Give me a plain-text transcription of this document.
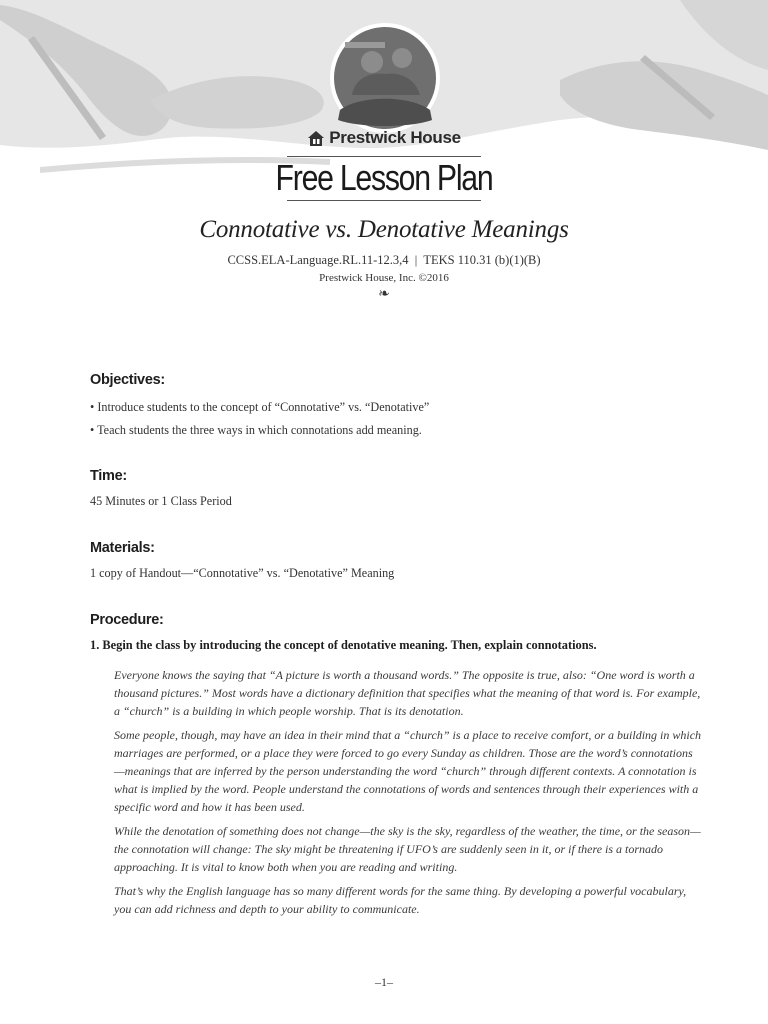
Prestwick House
Free Lesson Plan
Connotative vs. Denotative Meanings
CCSS.ELA-Language.RL.11-12.3,4  |  TEKS 110.31 (b)(1)(B)
Prestwick House, Inc. ©2016
❧
Objectives:
• Introduce students to the concept of “Connotative” vs. “Denotative”
• Teach students the three ways in which connotations add meaning.
Time:
45 Minutes or 1 Class Period
Materials:
1 copy of Handout—“Connotative” vs. “Denotative” Meaning
Procedure:
1. Begin the class by introducing the concept of denotative meaning. Then, explain connotations.
Everyone knows the saying that “A picture is worth a thousand words.” The opposite is true, also: “One word is worth a thousand pictures.” Most words have a dictionary definition that specifies what the meaning of that word is. For example, a “church” is a building in which people worship. That is its denotation.
Some people, though, may have an idea in their mind that a “church” is a place to receive comfort, or a building in which marriages are performed, or a place they were forced to go every Sunday as children. Those are the word’s connotations—meanings that are inferred by the person understanding the word “church” through different contexts. A connotation is what is implied by the word. People understand the connotations of words and sentences through their experiences with a specific word and how it has been used.
While the denotation of something does not change—the sky is the sky, regardless of the weather, the time, or the season—the connotation will change: The sky might be threatening if UFO’s are suddenly seen in it, or if there is a tornado approaching. It is vital to know both when you are reading and writing.
That’s why the English language has so many different words for the same thing. By developing a powerful vocabulary, you can add richness and depth to your ability to communicate.
–1–
